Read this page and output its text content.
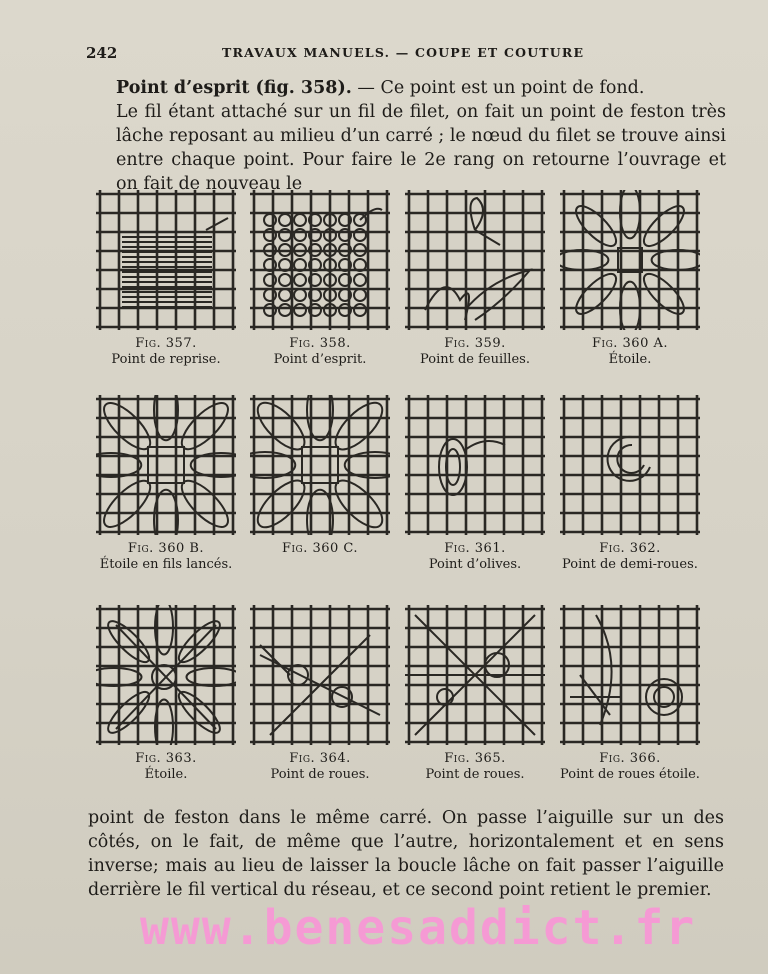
242	TRAVAUX MANUELS. — COUPE ET COUTURE

Point d’esprit (fig. 358). — Ce point est un point de fond.

Le fil étant attaché sur un fil de filet, on fait un point de feston très lâche reposant au milieu d’un carré ; le nœud du filet se trouve ainsi entre chaque point. Pour faire le 2e rang on retourne l’ouvrage et on fait de nouveau le

Fig. 357.
Point de reprise.
Fig. 358.
Point d’esprit.
Fig. 359.
Point de feuilles.
Fig. 360 A.
Étoile.
Fig. 360 B.
Étoile en fils lancés.
Fig. 360 C.	Fig. 361.
Point d’olives.
Fig. 362.
Point de demi-roues.
Fig. 363.
Étoile.
Fig. 364.
Point de roues.
Fig. 365.
Point de roues.
Fig. 366.
Point de roues étoile.

point de feston dans le même carré. On passe l’aiguille sur un des côtés, on le fait, de même que l’autre, horizontalement et en sens inverse; mais au lieu de laisser la boucle lâche on fait passer l’aiguille derrière le fil vertical du réseau, et ce second point retient le premier.

www.benesaddict.fr
